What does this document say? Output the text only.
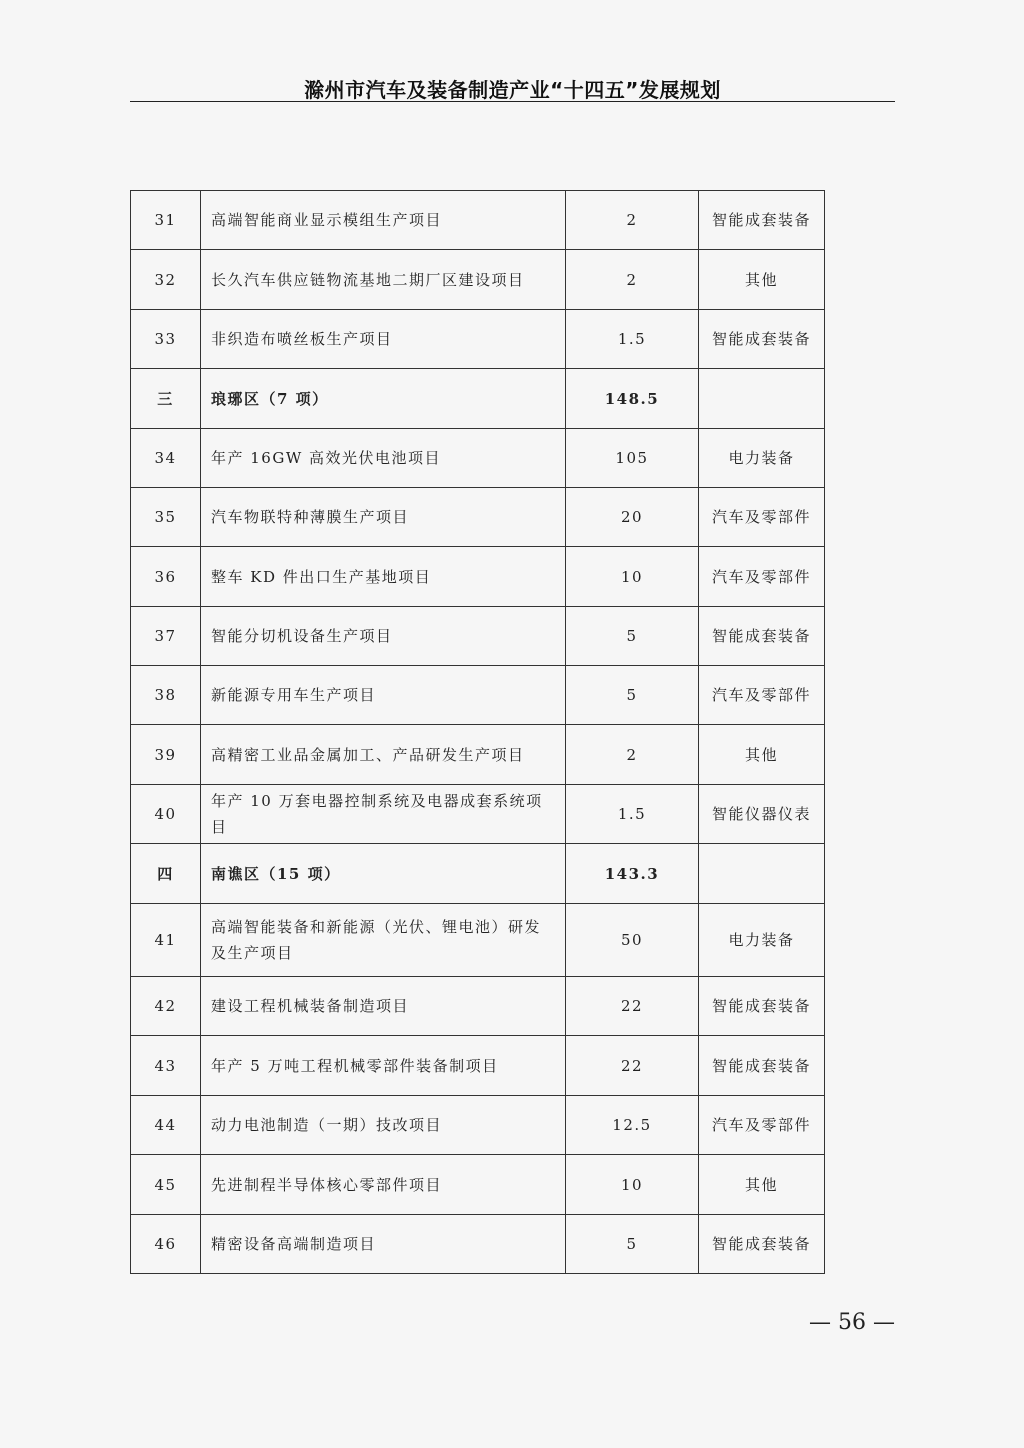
滁州市汽车及装备制造产业“十四五”发展规划
31	高端智能商业显示模组生产项目	2	智能成套装备
32	长久汽车供应链物流基地二期厂区建设项目	2	其他
33	非织造布喷丝板生产项目	1.5	智能成套装备
三	琅琊区（7 项）	148.5	
34	年产 16GW 高效光伏电池项目	105	电力装备
35	汽车物联特种薄膜生产项目	20	汽车及零部件
36	整车 KD 件出口生产基地项目	10	汽车及零部件
37	智能分切机设备生产项目	5	智能成套装备
38	新能源专用车生产项目	5	汽车及零部件
39	高精密工业品金属加工、产品研发生产项目	2	其他
40	年产 10 万套电器控制系统及电器成套系统项目	1.5	智能仪器仪表
四	南谯区（15 项）	143.3	
41	高端智能装备和新能源（光伏、锂电池）研发及生产项目	50	电力装备
42	建设工程机械装备制造项目	22	智能成套装备
43	年产 5 万吨工程机械零部件装备制项目	22	智能成套装备
44	动力电池制造（一期）技改项目	12.5	汽车及零部件
45	先进制程半导体核心零部件项目	10	其他
46	精密设备高端制造项目	5	智能成套装备
— 56 —
